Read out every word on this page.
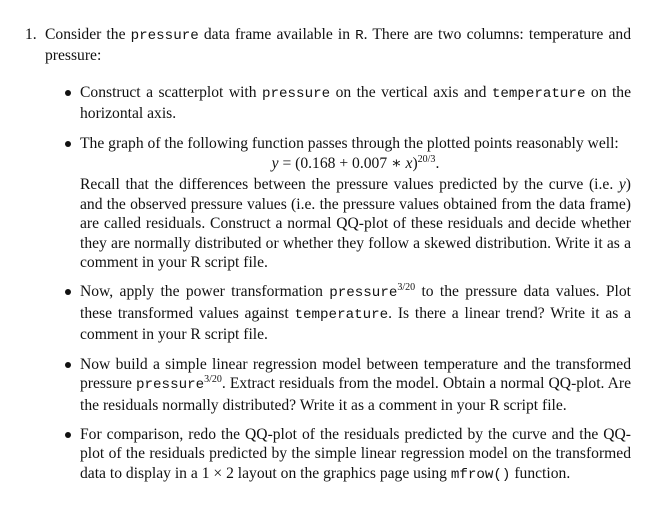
1. Consider the pressure data frame available in R. There are two columns: temperature and pressure:

Construct a scatterplot with pressure on the vertical axis and temperature on the horizontal axis.
The graph of the following function passes through the plotted points reasonably well:
y = (0.168 + 0.007 ∗ x)$^{20/3}$.

Recall that the differences between the pressure values predicted by the curve (i.e. y) and the observed pressure values (i.e. the pressure values obtained from the data frame) are called residuals. Construct a normal QQ-plot of these residuals and decide whether they are normally distributed or whether they follow a skewed distribution. Write it as a comment in your R script file.

Now, apply the power transformation pressure$^{3/20}$ to the pressure data values. Plot these transformed values against temperature. Is there a linear trend? Write it as a comment in your R script file.
Now build a simple linear regression model between temperature and the transformed pressure pressure$^{3/20}$. Extract residuals from the model. Obtain a normal QQ-plot. Are the residuals normally distributed? Write it as a comment in your R script file.
For comparison, redo the QQ-plot of the residuals predicted by the curve and the QQ-plot of the residuals predicted by the simple linear regression model on the transformed data to display in a 1 × 2 layout on the graphics page using mfrow() function.
